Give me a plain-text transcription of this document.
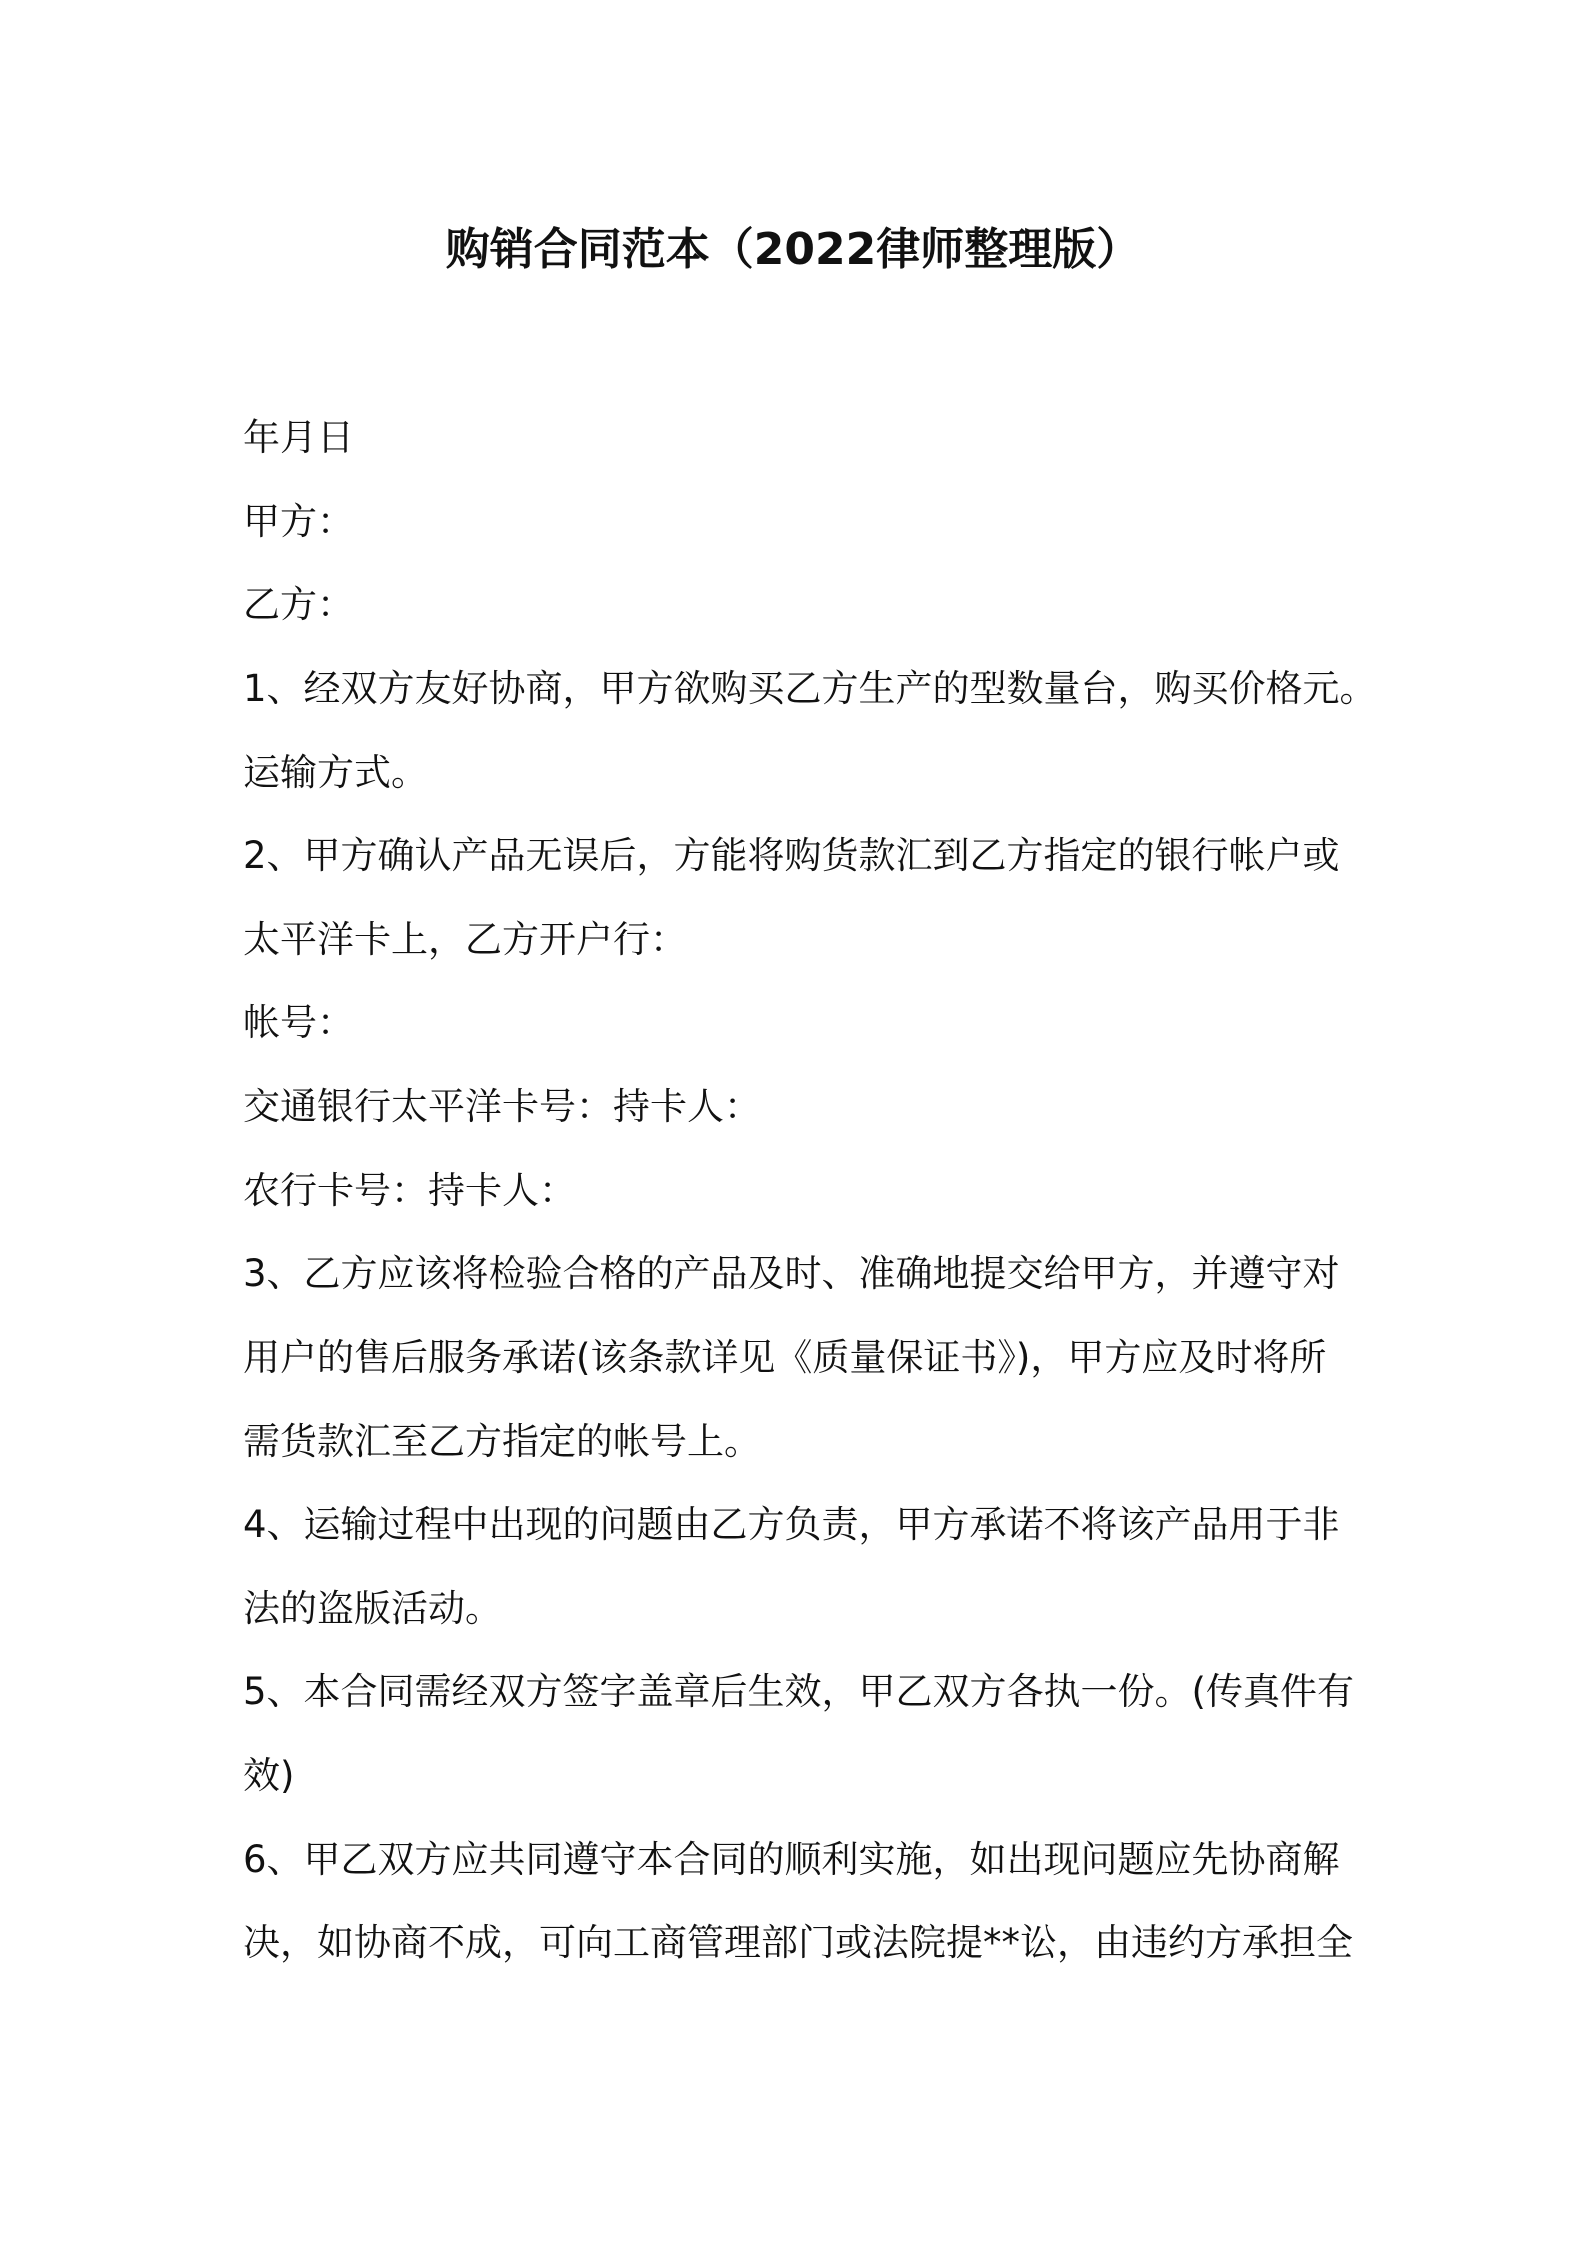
购销合同范本（2022律师整理版）
年月日
甲方：
乙方：
1、经双方友好协商，甲方欲购买乙方生产的型数量台，购买价格元。
运输方式。
2、甲方确认产品无误后，方能将购货款汇到乙方指定的银行帐户或
太平洋卡上，乙方开户行：
帐号：
交通银行太平洋卡号：持卡人：
农行卡号：持卡人：
3、乙方应该将检验合格的产品及时、准确地提交给甲方，并遵守对
用户的售后服务承诺(该条款详见《质量保证书》)，甲方应及时将所
需货款汇至乙方指定的帐号上。
4、运输过程中出现的问题由乙方负责，甲方承诺不将该产品用于非
法的盗版活动。
5、本合同需经双方签字盖章后生效，甲乙双方各执一份。(传真件有
效)
6、甲乙双方应共同遵守本合同的顺利实施，如出现问题应先协商解
决，如协商不成，可向工商管理部门或法院提**讼，由违约方承担全
